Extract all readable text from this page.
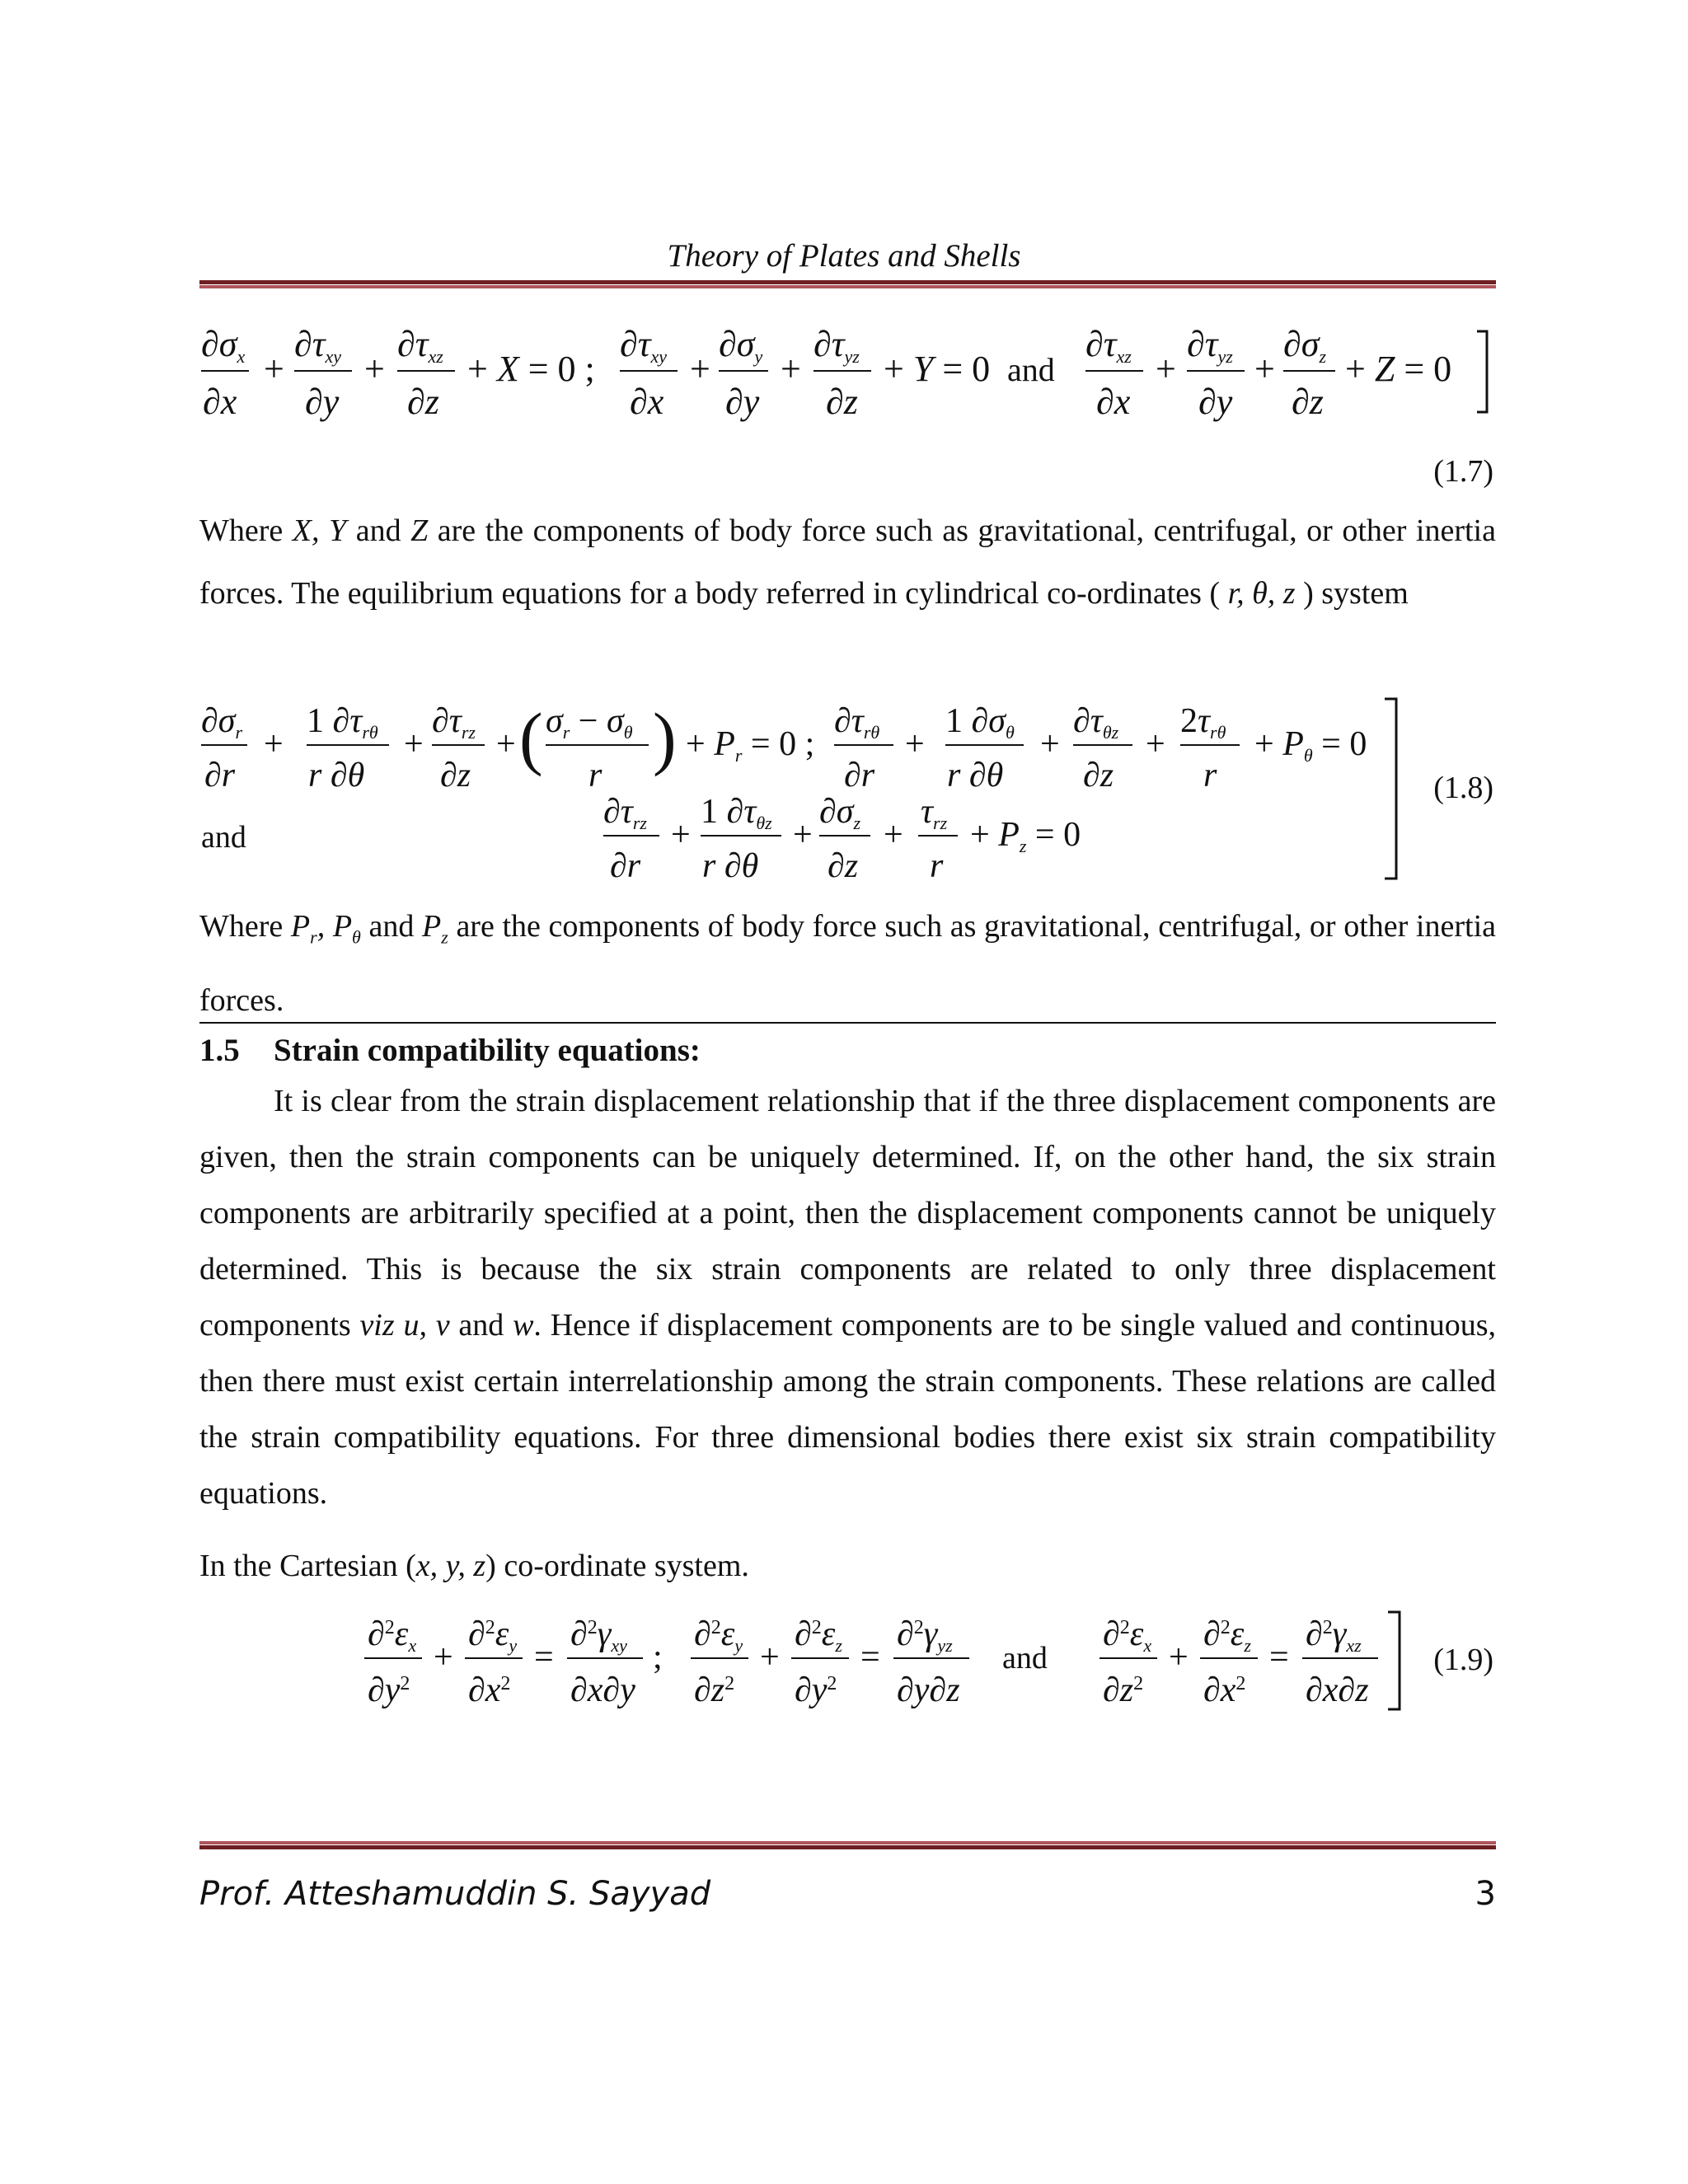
Theory of Plates and Shells
∂σx
∂x
+
∂τxy
∂y
+
∂τxz
∂z
+ X = 0 ;
∂τxy
∂x
+
∂σy
∂y
+
∂τyz
∂z
+ Y = 0 and
∂τxz
∂x
+
∂τyz
∂y
+
∂σz
∂z
+ Z = 0
(1.7)

Where X, Y and Z are the components of body force such as gravitational, centrifugal, or other inertia forces. The equilibrium equations for a body referred in cylindrical co-ordinates ( r, θ, z ) system

∂σr
∂r
+
1 ∂τrθ
r ∂θ
+
∂τrz
∂z
+ ( σr − σθ
r ) + Pr = 0 ;
∂τrθ
∂r
+
1 ∂σθ
r ∂θ
+
∂τθz
∂z
+
2τrθ
r
+ Pθ = 0
and
∂τrz
∂r
+
1 ∂τθz
r ∂θ
+
∂σz
∂z
+
τrz
r
+ Pz = 0
(1.8)

Where $P_r$, $P_\theta$ and $P_z$ are the components of body force such as gravitational, centrifugal, or other inertia forces.

1.5 Strain compatibility equations:

It is clear from the strain displacement relationship that if the three displacement components are given, then the strain components can be uniquely determined. If, on the other hand, the six strain components are arbitrarily specified at a point, then the displacement components cannot be uniquely determined. This is because the six strain components are related to only three displacement components viz u, v and w. Hence if displacement components are to be single valued and continuous, then there must exist certain interrelationship among the strain components. These relations are called the strain compatibility equations. For three dimensional bodies there exist six strain compatibility equations.

In the Cartesian (x, y, z) co-ordinate system.

∂$^2$εx
$\partial y^2$
+
∂$^2$εy
$\partial x^2$
=
∂$^2$γxy
∂x∂y
;
∂$^2$εy
$\partial z^2$
+
∂$^2$εz
$\partial y^2$
=
∂$^2$γyz
∂y∂z
and
∂$^2$εx
$\partial z^2$
+
∂$^2$εz
$\partial x^2$
=
∂$^2$γxz
∂x∂z
(1.9)
Prof. Atteshamuddin S. Sayyad	3
